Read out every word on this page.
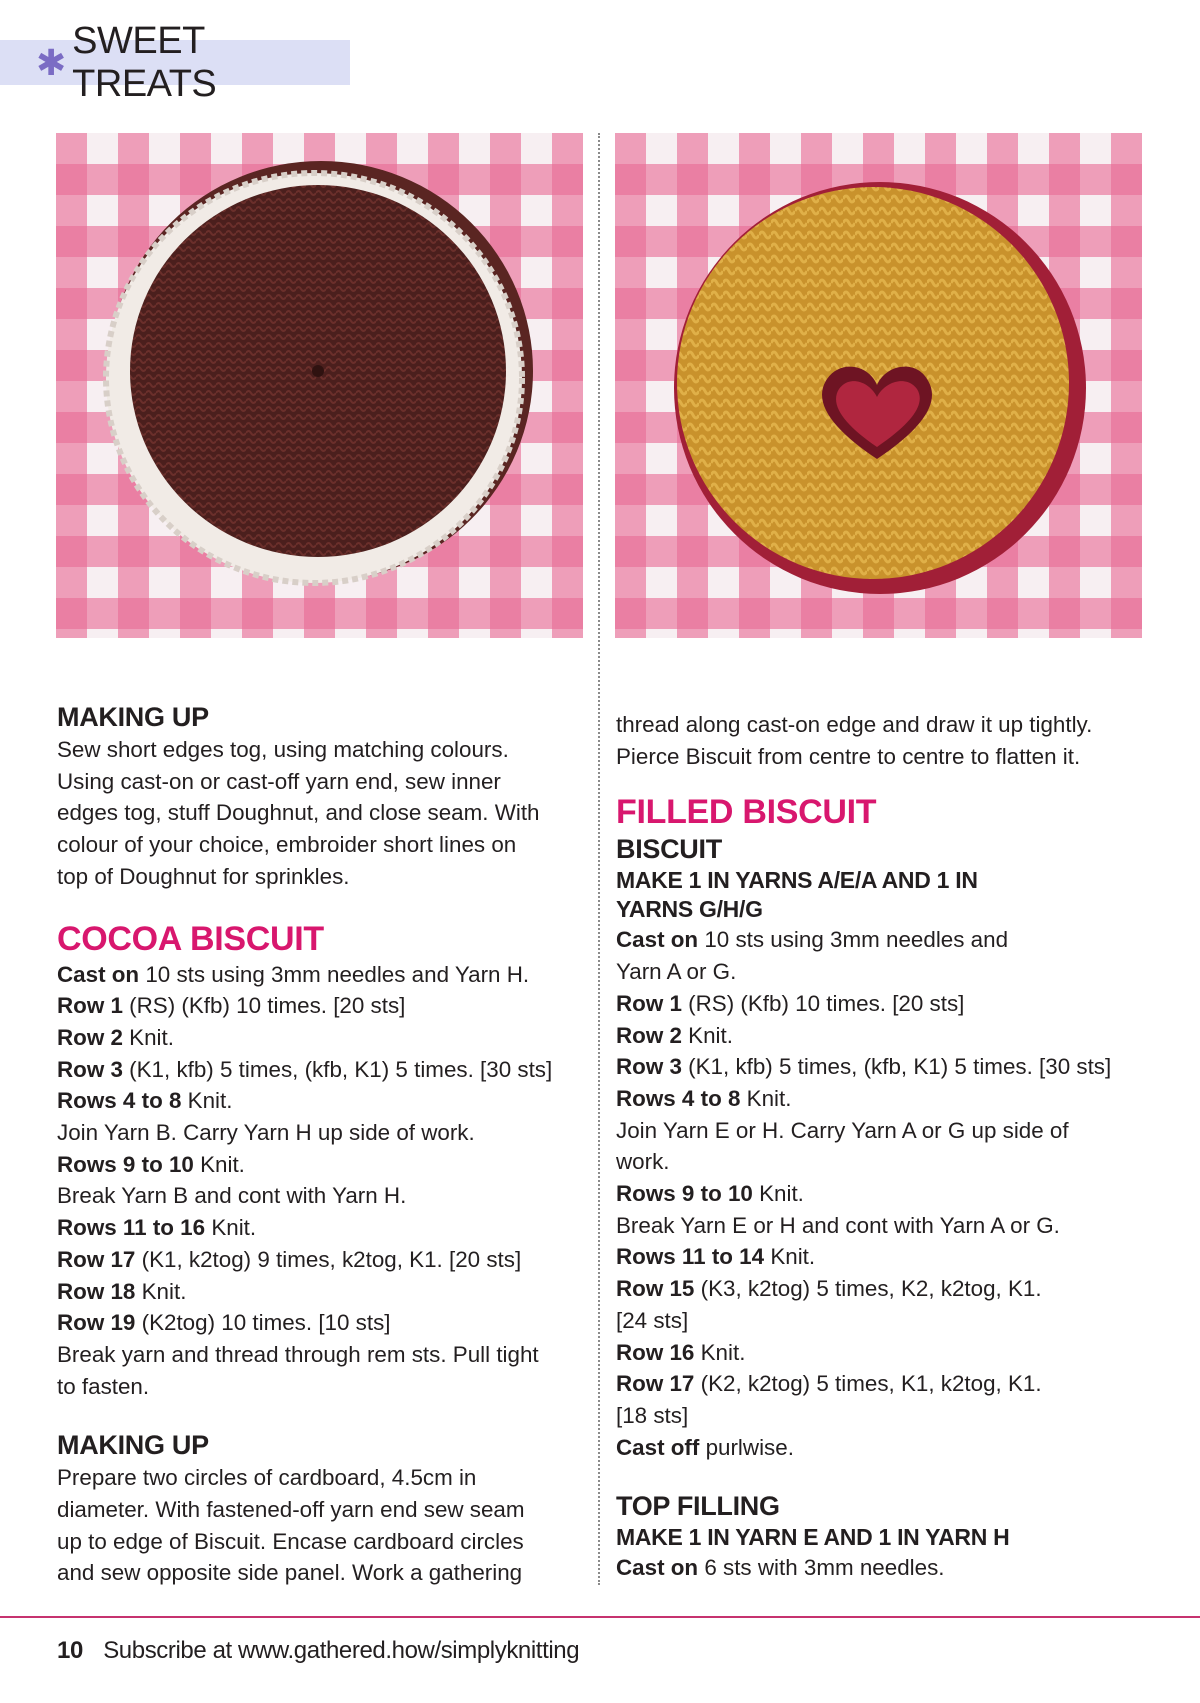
✱
SWEET TREATS

MAKING UP

Sew short edges tog, using matching colours.

Using cast-on or cast-off yarn end, sew inner

edges tog, stuff Doughnut, and close seam. With

colour of your choice, embroider short lines on

top of Doughnut for sprinkles.

COCOA BISCUIT

Cast on 10 sts using 3mm needles and Yarn H.

Row 1 (RS) (Kfb) 10 times. [20 sts]

Row 2 Knit.

Row 3 (K1, kfb) 5 times, (kfb, K1) 5 times. [30 sts]

Rows 4 to 8 Knit.

Join Yarn B. Carry Yarn H up side of work.

Rows 9 to 10 Knit.

Break Yarn B and cont with Yarn H.

Rows 11 to 16 Knit.

Row 17 (K1, k2tog) 9 times, k2tog, K1. [20 sts]

Row 18 Knit.

Row 19 (K2tog) 10 times. [10 sts]

Break yarn and thread through rem sts. Pull tight

to fasten.

MAKING UP

Prepare two circles of cardboard, 4.5cm in

diameter. With fastened-off yarn end sew seam

up to edge of Biscuit. Encase cardboard circles

and sew opposite side panel. Work a gathering

thread along cast-on edge and draw it up tightly.

Pierce Biscuit from centre to centre to flatten it.

FILLED BISCUIT

BISCUIT

MAKE 1 IN YARNS A/E/A AND 1 IN

YARNS G/H/G

Cast on 10 sts using 3mm needles and

Yarn A or G.

Row 1 (RS) (Kfb) 10 times. [20 sts]

Row 2 Knit.

Row 3 (K1, kfb) 5 times, (kfb, K1) 5 times. [30 sts]

Rows 4 to 8 Knit.

Join Yarn E or H. Carry Yarn A or G up side of

work.

Rows 9 to 10 Knit.

Break Yarn E or H and cont with Yarn A or G.

Rows 11 to 14 Knit.

Row 15 (K3, k2tog) 5 times, K2, k2tog, K1.

[24 sts]

Row 16 Knit.

Row 17 (K2, k2tog) 5 times, K1, k2tog, K1.

[18 sts]

Cast off purlwise.

TOP FILLING

MAKE 1 IN YARN E AND 1 IN YARN H

Cast on 6 sts with 3mm needles.

10 Subscribe at www.gathered.how/simplyknitting
